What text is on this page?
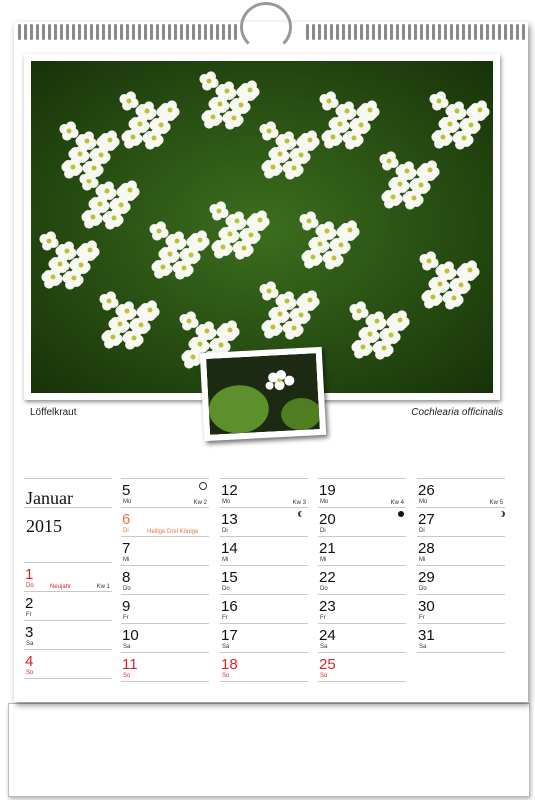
Löffelkraut	Cochlearia officinalis
Januar
2015
1
Do	Kw 1
Neujahr
2
Fr
3
Sa
4
So
5
Mo	Kw 2
6
Di	Heilige Drei Könige
7
Mi
8
Do
9
Fr
10
Sa
11
So
12
Mo	Kw 3
13
Di
14
Mi
15
Do
16
Fr
17
Sa
18
So
19
Mo	Kw 4
20
Di
21
Mi
22
Do
23
Fr
24
Sa
25
So
26
Mo	Kw 5
27
Di
28
Mi
29
Do
30
Fr
31
Sa
